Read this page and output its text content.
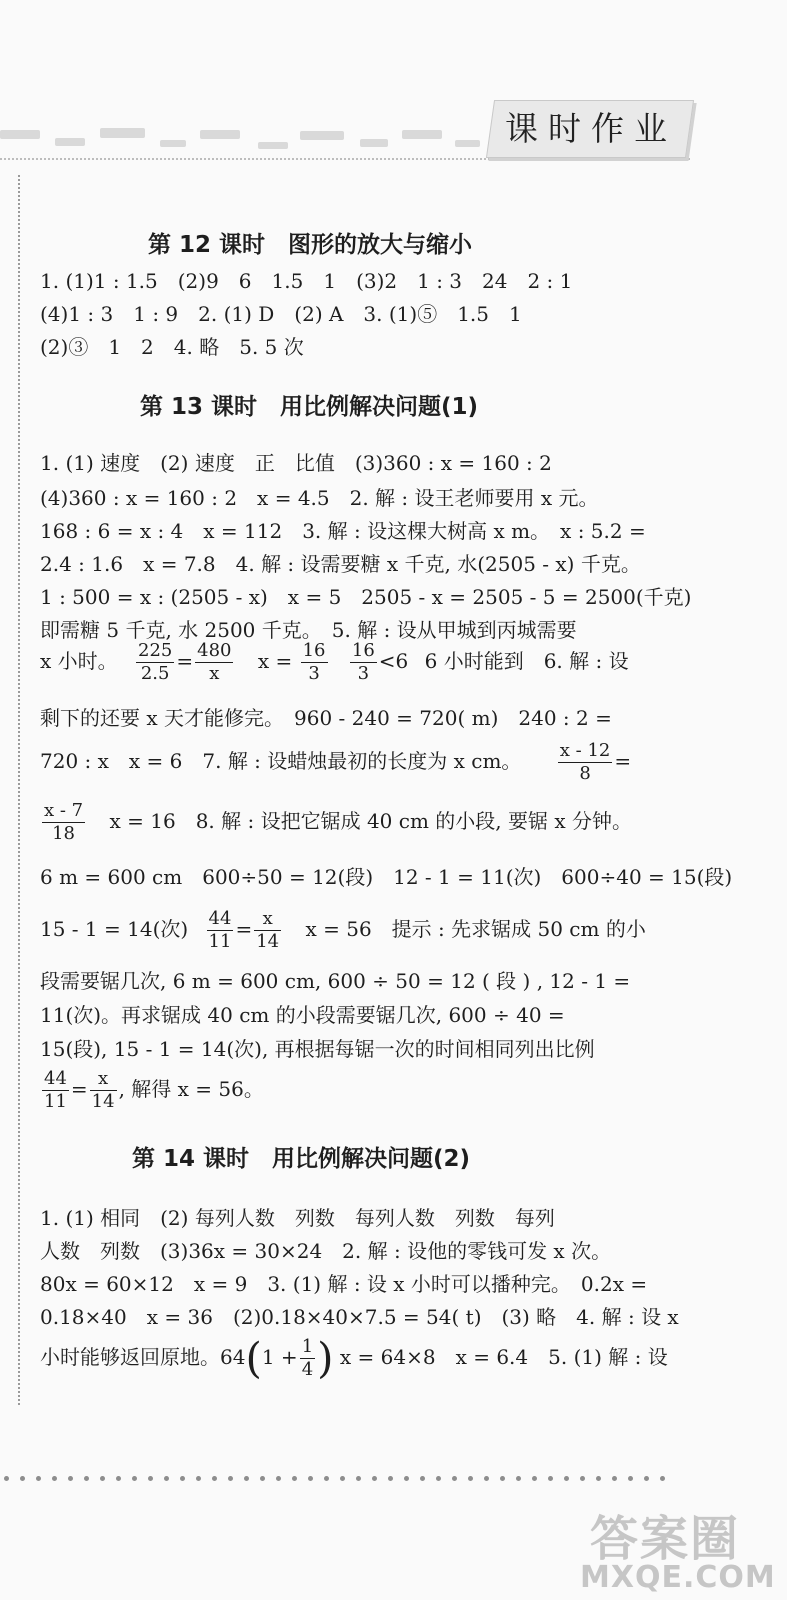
课时作业
第 12 课时　图形的放大与缩小
1. (1)1 : 1.5　(2)9　6　1.5　1　(3)2　1 : 3　24　2 : 1
(4)1 : 3　1 : 9　2. (1) D　(2) A　3. (1)⑤　1.5　1
(2)③　1　2　4. 略　5. 5 次
第 13 课时　用比例解决问题(1)
1. (1) 速度　(2) 速度　正　比值　(3)360 : x = 160 : 2
(4)360 : x = 160 : 2　x = 4.5　2. 解 : 设王老师要用 x 元。
168 : 6 = x : 4　x = 112　3. 解 : 设这棵大树高 x m。　x : 5.2 =
2.4 : 1.6　x = 7.8　4. 解 : 设需要糖 x 千克, 水(2505 - x) 千克。
1 : 500 = x : (2505 - x)　x = 5　2505 - x = 2505 - 5 = 2500(千克)
即需糖 5 千克, 水 2500 千克。　5. 解 : 设从甲城到丙城需要
x 小时。 $\frac{225}{2.5} = \frac{480}{x}$ $x = \frac{16}{3}$
$\frac{16}{3} <6$ 6 小时能到　6. 解 : 设
剩下的还要 x 天才能修完。　960 - 240 = 720( m)　240 : 2 =
720 : x　x = 6　7. 解 : 设蜡烛最初的长度为 x cm。 $\frac{x - 12}{8}$ =
$\frac{x - 7}{18}$ x = 16　8. 解 : 设把它锯成 40 cm 的小段, 要锯 x 分钟。
6 m = 600 cm　600÷50 = 12(段)　12 - 1 = 11(次)　600÷40 = 15(段)
15 - 1 = 14(次) $\frac{44}{11} = \frac{x}{14}$ x = 56　提示 : 先求锯成 50 cm 的小
段需要锯几次, 6 m = 600 cm, 600 ÷ 50 = 12 ( 段 ) , 12 - 1 =
11(次)。再求锯成 40 cm 的小段需要锯几次, 600 ÷ 40 =
15(段), 15 - 1 = 14(次), 再根据每锯一次的时间相同列出比例
$\frac{44}{11} = \frac{x}{14}$ , 解得 x = 56。
第 14 课时　用比例解决问题(2)
1. (1) 相同　(2) 每列人数　列数　每列人数　列数　每列
人数　列数　(3)36x = 30×24　2. 解 : 设他的零钱可发 x 次。
80x = 60×12　x = 9　3. (1) 解 : 设 x 小时可以播种完。　0.2x =
0.18×40　x = 36　(2)0.18×40×7.5 = 54( t)　(3) 略　4. 解 : 设 x
小时能够返回原地。$64(1 + \frac{1}{4}$ ) x = 64×8　x = 6.4　5. (1) 解 : 设
答案圈
MXQE.COM
